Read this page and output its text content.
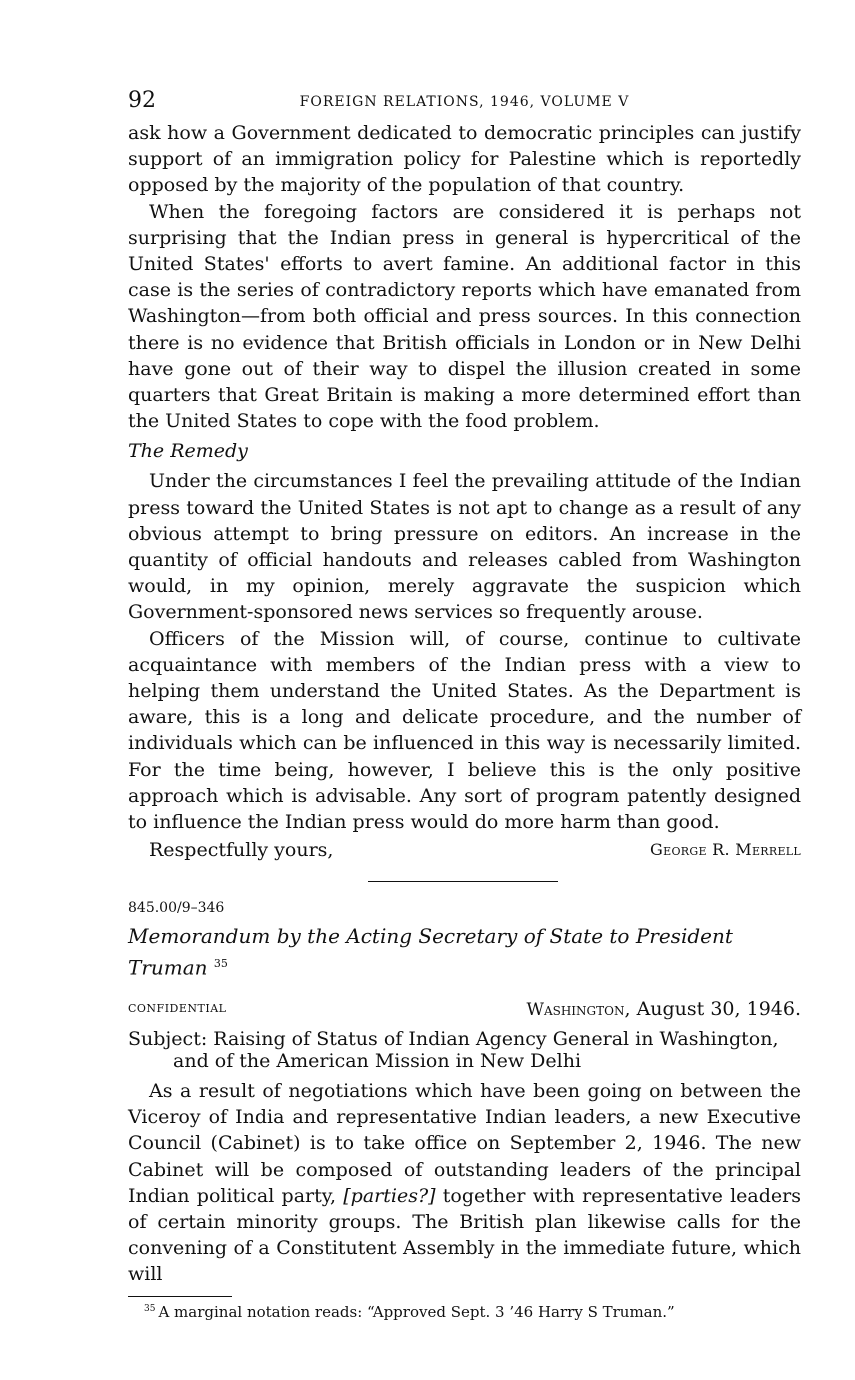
92	FOREIGN RELATIONS, 1946, VOLUME V

ask how a Government dedicated to democratic principles can justify support of an immigration policy for Palestine which is reportedly opposed by the majority of the population of that country.

When the foregoing factors are considered it is perhaps not surprising that the Indian press in general is hypercritical of the United States' efforts to avert famine. An additional factor in this case is the series of contradictory reports which have emanated from Washington—from both official and press sources. In this connection there is no evidence that British officials in London or in New Delhi have gone out of their way to dispel the illusion created in some quarters that Great Britain is making a more determined effort than the United States to cope with the food problem.

The Remedy

Under the circumstances I feel the prevailing attitude of the Indian press toward the United States is not apt to change as a result of any obvious attempt to bring pressure on editors. An increase in the quantity of official handouts and releases cabled from Washington would, in my opinion, merely aggravate the suspicion which Government-sponsored news services so frequently arouse.

Officers of the Mission will, of course, continue to cultivate acquaintance with members of the Indian press with a view to helping them understand the United States. As the Department is aware, this is a long and delicate procedure, and the number of individuals which can be influenced in this way is necessarily limited. For the time being, however, I believe this is the only positive approach which is advisable. Any sort of program patently designed to influence the Indian press would do more harm than good.

Respectfully yours,	George R. Merrell
845.00/9–346
Memorandum by the Acting Secretary of State to President Truman $^{35}$
confidential	Washington, August 30, 1946.

Subject: Raising of Status of Indian Agency General in Washington, and of the American Mission in New Delhi

As a result of negotiations which have been going on between the Viceroy of India and representative Indian leaders, a new Executive Council (Cabinet) is to take office on September 2, 1946. The new Cabinet will be composed of outstanding leaders of the principal Indian political party, [parties?] together with representative leaders of certain minority groups. The British plan likewise calls for the convening of a Constitutent Assembly in the immediate future, which will

$^{35}$ A marginal notation reads: “Approved Sept. 3 ’46 Harry S Truman.”
